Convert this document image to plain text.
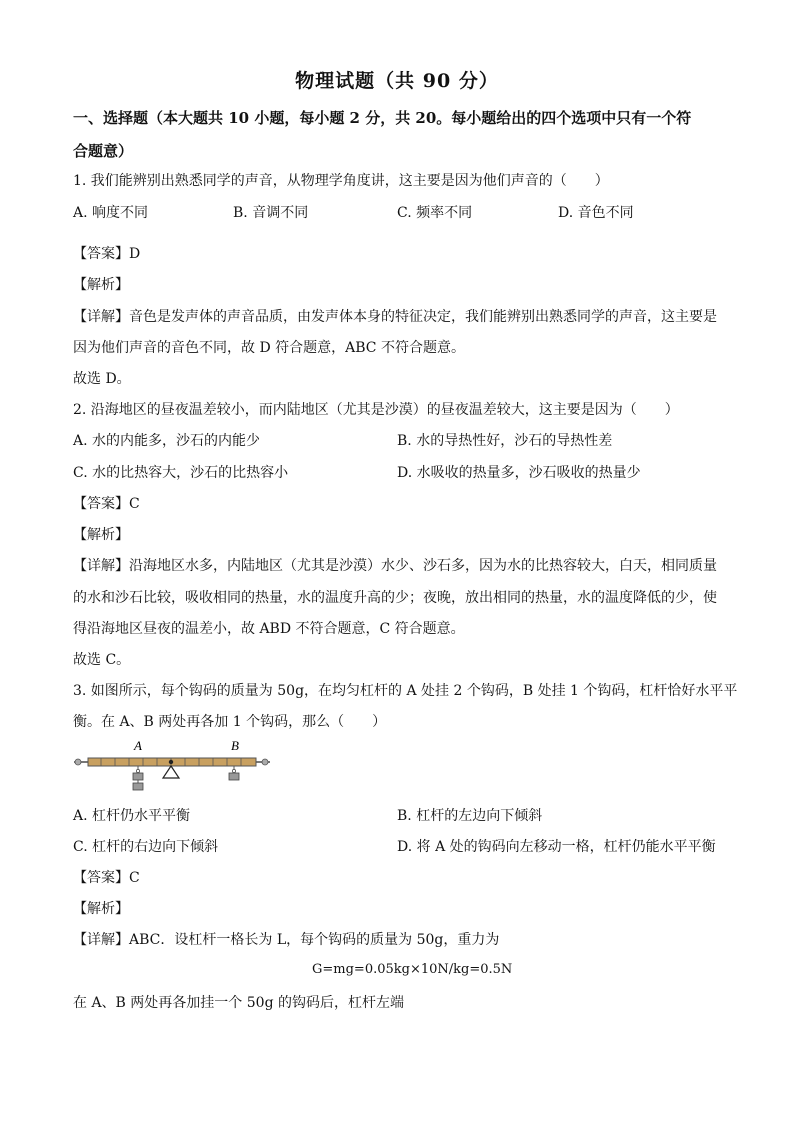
物理试题（共 90 分）
一、选择题（本大题共 10 小题，每小题 2 分，共 20。每小题给出的四个选项中只有一个符
合题意）
1. 我们能辨别出熟悉同学的声音，从物理学角度讲，这主要是因为他们声音的（　　）
A. 响度不同	B. 音调不同	C. 频率不同	D. 音色不同
【答案】D
【解析】
【详解】音色是发声体的声音品质，由发声体本身的特征决定，我们能辨别出熟悉同学的声音，这主要是
因为他们声音的音色不同，故 D 符合题意，ABC 不符合题意。
故选 D。
2. 沿海地区的昼夜温差较小，而内陆地区（尤其是沙漠）的昼夜温差较大，这主要是因为（　　）
A. 水的内能多，沙石的内能少	B. 水的导热性好，沙石的导热性差
C. 水的比热容大，沙石的比热容小	D. 水吸收的热量多，沙石吸收的热量少
【答案】C
【解析】
【详解】沿海地区水多，内陆地区（尤其是沙漠）水少、沙石多，因为水的比热容较大，白天，相同质量
的水和沙石比较，吸收相同的热量，水的温度升高的少；夜晚，放出相同的热量，水的温度降低的少，使
得沿海地区昼夜的温差小，故 ABD 不符合题意，C 符合题意。
故选 C。
3. 如图所示，每个钩码的质量为 50g，在均匀杠杆的 A 处挂 2 个钩码，B 处挂 1 个钩码，杠杆恰好水平平
衡。在 A、B 两处再各加 1 个钩码，那么（　　）
A	B
A. 杠杆仍水平平衡	B. 杠杆的左边向下倾斜
C. 杠杆的右边向下倾斜	D. 将 A 处的钩码向左移动一格，杠杆仍能水平平衡
【答案】C
【解析】
【详解】ABC．设杠杆一格长为 L，每个钩码的质量为 50g，重力为
G=mg=0.05kg×10N/kg=0.5N
在 A、B 两处再各加挂一个 50g 的钩码后，杠杆左端
